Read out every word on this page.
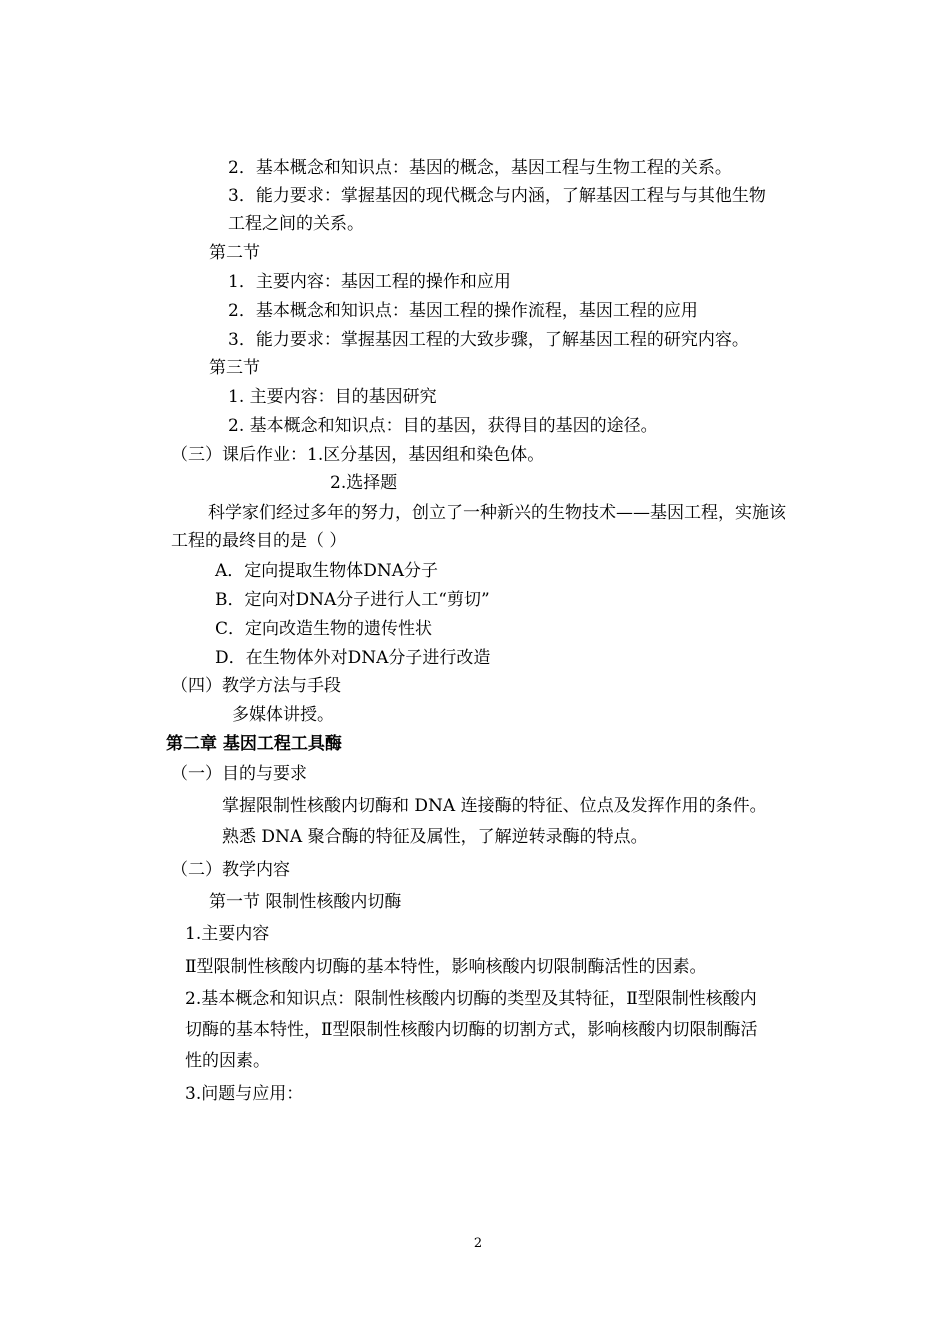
2．基本概念和知识点：基因的概念，基因工程与生物工程的关系。
3．能力要求：掌握基因的现代概念与内涵，了解基因工程与与其他生物
工程之间的关系。
第二节
1．主要内容：基因工程的操作和应用
2．基本概念和知识点：基因工程的操作流程，基因工程的应用
3．能力要求：掌握基因工程的大致步骤，了解基因工程的研究内容。
第三节
1. 主要内容：目的基因研究
2. 基本概念和知识点：目的基因，获得目的基因的途径。
（三）课后作业：1.区分基因，基因组和染色体。
2.选择题
科学家们经过多年的努力，创立了一种新兴的生物技术——基因工程，实施该
工程的最终目的是（ ）
A．定向提取生物体DNA分子
B．定向对DNA分子进行人工“剪切”
C．定向改造生物的遗传性状
D．在生物体外对DNA分子进行改造
（四）教学方法与手段
多媒体讲授。
第二章 基因工程工具酶
（一）目的与要求
掌握限制性核酸内切酶和 DNA 连接酶的特征、位点及发挥作用的条件。
熟悉 DNA 聚合酶的特征及属性，了解逆转录酶的特点。
（二）教学内容
第一节 限制性核酸内切酶
1.主要内容
Ⅱ型限制性核酸内切酶的基本特性，影响核酸内切限制酶活性的因素。
2.基本概念和知识点：限制性核酸内切酶的类型及其特征，Ⅱ型限制性核酸内
切酶的基本特性，Ⅱ型限制性核酸内切酶的切割方式，影响核酸内切限制酶活
性的因素。
3.问题与应用：
2
